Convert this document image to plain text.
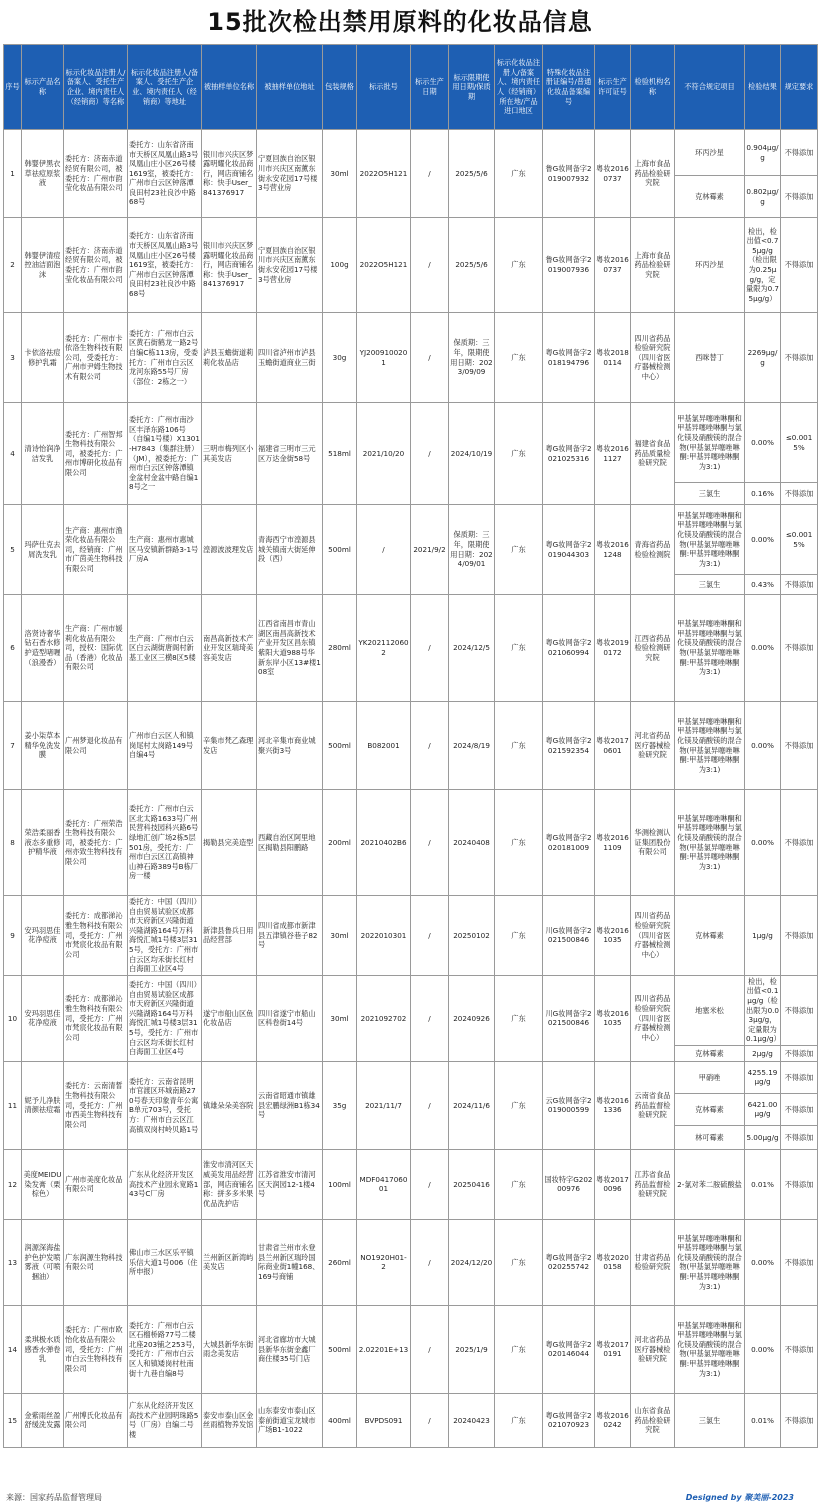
15批次检出禁用原料的化妆品信息
序号	标示产品名称	标示化妆品注册人/备案人、受托生产企业、境内责任人（经销商）等名称	标示化妆品注册人/备案人、受托生产企业、境内责任人（经销商）等地址	被抽样单位名称	被抽样单位地址	包装规格	标示批号	标示生产日期	标示限期使用日期/保质期	标示化妆品注册人/备案人、境内责任人（经销商）所在地/产品进口地区	特殊化妆品注册证编号/普通化妆品备案编号	标示生产许可证号	检验机构名称	不符合规定项目	检验结果	规定要求
1	韩婴伊黑衣草祛痘原浆液	委托方：济南赤道经贸有限公司，被委托方：广州市韵莹化妆品有限公司	委托方：山东省济南市天桥区凤凰山路3号凤凰山庄小区26号楼1619室，被委托方：广州市白云区钟落潭良田村23社良沙中路68号	银川市兴庆区梦露明耀化妆品商行，网店商铺名称：快手User_841376917	宁夏回族自治区银川市兴庆区南薰东街永安花园17号楼3号营业房	30ml	2022O5H121	/	2025/5/6	广东	鲁G妆网备字2019007932	粤妆20160737	上海市食品药品检验研究院	环丙沙星	0.904μg/g	不得添加
														克林霉素	0.802μg/g	不得添加
2	韩婴伊清痘控油洁面泡沫	委托方：济南赤道经贸有限公司，被委托方：广州市韵莹化妆品有限公司	委托方：山东省济南市天桥区凤凰山路3号凤凰山庄小区26号楼1619室，被委托方：广州市白云区钟落潭良田村23社良沙中路68号	银川市兴庆区梦露明耀化妆品商行，网店商铺名称：快手User_841376917	宁夏回族自治区银川市兴庆区南薰东街永安花园17号楼3号营业房	100g	2022O5H121	/	2025/5/6	广东	鲁G妆网备字2019007936	粤妆20160737	上海市食品药品检验研究院	环丙沙星	检出，检出值<0.75μg/g（检出限为0.25μg/g，定量限为0.75μg/g）	不得添加
3	卡依洛祛痘修护乳霜	委托方：广州市卡依洛生物科技有限公司，受委托方：广州市尹姆生物技术有限公司	委托方：广州市白云区黄石街鹤龙一路2号自编C栋113房，受委托方：广州市白云区龙河东路55号厂房（部位：2栋之一）	泸县玉蟾街道莉莉化妆品店	四川省泸州市泸县玉蟾街道商业三街	30g	YJ2009100201	/	保质期：三年，限期使用日期：2023/09/09	广东	粤G妆网备字2018194796	粤妆20180114	四川省药品检验研究院（四川省医疗器械检测中心）	西咪替丁	2269μg/g	不得添加
4	清诗怡润净洁发乳	委托方：广州智邦生物科技有限公司，被委托方：广州市博研化妆品有限公司	委托方：广州市南沙区丰泽东路106号（自编1号楼）X1301-H7843（集群注册）（JM），被委托方：广州市白云区钟落潭镇金盆村金盆中路自编18号之一	三明市梅列区小其美发店	福建省三明市三元区万达金街58号	518ml	2021/10/20	/	2024/10/19	广东	粤G妆网备字2021025316	粤妆20161127	福建省食品药品质量检验研究院	甲基氯异噻唑啉酮和甲基异噻唑啉酮与氯化镁及硝酸镁的混合物(甲基氯异噻唑啉酮:甲基异噻唑啉酮为3:1)	0.00%	≤0.0015%
														三氯生	0.16%	不得添加
5	玛萨仕克去屑洗发乳	生产商：惠州市渔荣化妆品有限公司，经销商：广州市广茵美生物科技有限公司	生产商：惠州市惠城区马安镇新群路3-1号厂房A	湟源波波理发店	青海西宁市湟源县城关镇南大街延伸段（西）	500ml	/	2021/9/2	保质期：三年，限期使用日期：2024/09/01	广东	粤G妆网备字2019044303	粤妆20161248	青海省药品检验检测院	甲基氯异噻唑啉酮和甲基异噻唑啉酮与氯化镁及硝酸镁的混合物(甲基氯异噻唑啉酮:甲基异噻唑啉酮为3:1)	0.00%	≤0.0015%
														三氯生	0.43%	不得添加
6	洛贤诗奢华钻石香水修护造型啫喱（浪漫香）	生产商：广州市媛莉化妆品有限公司，授权：国际优品（香港）化妆品有限公司	生产商：广州市白云区白云湖街唐阁村新基工业区三横8区5楼	南昌高新技术产业开发区瑞琦美容美发店	江西省南昌市青山湖区南昌高新技术产业开发区昌东镇紫阳大道988号华新东岸小区13#楼108室	280ml	YK2021120602	/	2024/12/5	广东	粤G妆网备字2021060994	粤妆20190172	江西省药品检验检测研究院	甲基氯异噻唑啉酮和甲基异噻唑啉酮与氯化镁及硝酸镁的混合物(甲基氯异噻唑啉酮:甲基异噻唑啉酮为3:1)	0.00%	不得添加
7	姜小柒草本精华免洗发膜	广州梦退化妆品有限公司	广州市白云区人和镇岗尾村太岗路149号自编4号	辛集市梵乙森理发店	河北辛集市商业城聚兴街3号	500ml	B082001	/	2024/8/19	广东	粤G妆网备字2021592354	粤妆20170601	河北省药品医疗器械检验研究院	甲基氯异噻唑啉酮和甲基异噻唑啉酮与氯化镁及硝酸镁的混合物(甲基氯异噻唑啉酮:甲基异噻唑啉酮为3:1)	0.00%	不得添加
8	荣浩柔丽香液态多重修护精华液	委托方：广州荣浩生物科技有限公司，被委托方：广州亦致生物科技有限公司	委托方：广州市白云区北太路1633号广州民营科技园科兴路6号绿地汇创广场2栋5层501房，受托方：广州市白云区江高镇神山神石路389号B栋厂房一楼	揭勒县完美造型	西藏自治区阿里地区揭勒县阳鹏路	200ml	20210402B6	/	20240408	广东	粤G妆网备字2020181009	粤妆20161109	华测检测认证集团股份有限公司	甲基氯异噻唑啉酮和甲基异噻唑啉酮与氯化镁及硝酸镁的混合物(甲基氯异噻唑啉酮:甲基异噻唑啉酮为3:1)	0.00%	不得添加
9	安玛羽思佳花净痘液	委托方：成都涕沁雅生物科技有限公司，受托方：广州市梵宸化妆品有限公司	委托方：中国（四川）自由贸易试验区成都市天府新区兴隆街道兴隆湖路164号万科海悦汇城1号楼3层315号，受托方：广州市白云区均禾街长红村白海面工业区4号	新津县鲁兵日用品经营部	四川省成都市新津县五津镇谷巷子82号	30ml	2022010301	/	20250102	广东	川G妆网备字2021500846	粤妆20161035	四川省药品检验研究院（四川省医疗器械检测中心）	克林霉素	1μg/g	不得添加
10	安玛羽思佳花净痘液	委托方：成都涕沁雅生物科技有限公司，受托方：广州市梵宸化妆品有限公司	委托方：中国（四川）自由贸易试验区成都市天府新区兴隆街道兴隆湖路164号万科海悦汇城1号楼3层315号，受托方：广州市白云区均禾街长红村白海面工业区4号	遂宁市船山区鱼化妆品店	四川省遂宁市船山区科卷街14号	30ml	2021092702	/	20240926	广东	川G妆网备字2021500846	粤妆20161035	四川省药品检验研究院（四川省医疗器械检测中心）	地塞米松	检出，检出值<0.1μg/g（检出限为0.03μg/g，定量限为0.1μg/g）	不得添加
														克林霉素	2μg/g	不得添加
11	妮予儿净肤清颜祛痘霜	委托方：云南清皙生物科技有限公司，受托方：广州市西美生物科技有限公司	委托方：云南省昆明市官渡区环城南路270号春天印象青年公寓B单元703号，受托方：广州市白云区江高镇双岗村岭贝路1号	镇雄朵朵美容院	云南省昭通市镇雄县宏鹏绿洲B1栋34号	35g	2021/11/7	/	2024/11/6	广东	云G妆网备字2019000599	粤妆20161336	云南省食品药品监督检验研究院	甲硝唑	4255.19μg/g	不得添加
														克林霉素	6421.00μg/g	不得添加
														林可霉素	5.00μg/g	不得添加
12	美度MEIDU染发膏（栗棕色）	广州市美度化妆品有限公司	广东从化经济开发区高技术产业园永宽路143号C厂房	淮安市清河区天威美发用品经营部，网店商铺名称：拼多多米果优品洗护店	江苏省淮安市清河区天润园12-1楼4号	100ml	MDF041706001	/	20250416	广东	国妆特字G20200976	粤妆20170096	江苏省食品药品监督检验研究院	2-氯对苯二胺硫酸盐	0.01%	不得添加
13	润源深海盐护色护发喷雾液（可喷捆油）	广东润源生物科技有限公司	佛山市三水区乐平镇乐信大道1号006（住所申报）	兰州新区新湾屿美发店	甘肃省兰州市永登县兰州新区瑞玲国际商业街1幢168、169号商铺	260ml	NO1920H01-2	/	2024/12/20	广东	粤G妆网备字2020255742	粤妆20200158	甘肃省药品检验研究院	甲基氯异噻唑啉酮和甲基异噻唑啉酮与氯化镁及硝酸镁的混合物(甲基氯异噻唑啉酮:甲基异噻唑啉酮为3:1)	0.00%	不得添加
14	柔琪极水质感香水弹卷乳	委托方：广州市欧怡化妆品有限公司，受托方：广州市白云生物科技有限公司	委托方：广州市白云区石榴桥路77号二楼北座203铺之253号，受托方：广州市白云区人和镇矮岗村杜南街十九巷自编8号	大城县新华东街雨念美发店	河北省廊坊市大城县新华东街金鑫厂商住楼35号门店	500ml	2.02201E+13	/	2025/1/9	广东	粤G妆网备字2020146044	粤妆20170191	河北省药品医疗器械检验研究院	甲基氯异噻唑啉酮和甲基异噻唑啉酮与氯化镁及硝酸镁的混合物(甲基氯异噻唑啉酮:甲基异噻唑啉酮为3:1)	0.00%	不得添加
15	金紫雨丝盈舒缓洗发露	广州博氏化妆品有限公司	广东从化经济开发区高技术产业园明珠路5号（厂房）自编二号楼	泰安市泰山区金丝雨植物养发馆	山东泰安市泰山区泰前街道宝龙城市广场B1-1022	400ml	BVPDS091	/	20240423	广东	粤G妆网备字2021070923	粤妆20160242	山东省食品药品检验研究院	三氯生	0.01%	不得添加
来源：国家药品监督管理局	Designed by 聚美丽-2023
